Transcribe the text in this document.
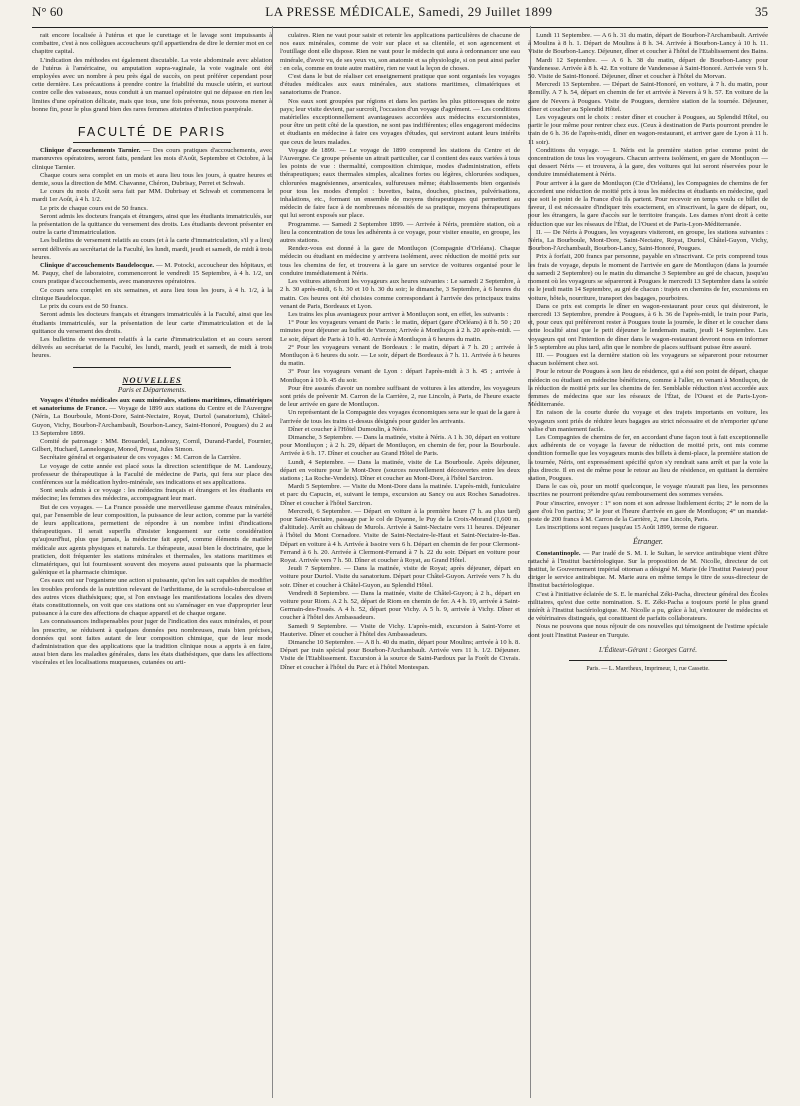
N° 60	LA PRESSE MÉDICALE, Samedi, 29 Juillet 1899	35

rait encore localisée à l'utérus et que le curettage et le lavage sont impuissants à combattre, c'est à nos collègues accoucheurs qu'il appartiendra de dire le dernier mot en ce chapitre capital.

L'indication des méthodes est également discutable. La voie abdominale avec ablation de l'utérus à l'américaine, ou amputation supra-vaginale, la voie vaginale ont été employées avec un nombre à peu près égal de succès, on peut préférer cependant pour cette dernière. Les précautions à prendre contre la friabilité du muscle utérin, et surtout contre celle des vaisseaux, nous conduit à un manuel opératoire qui ne dépasse en rien les limites d'une opération délicate, mais que tous, une fois prévenus, nous pouvons mener à bonne fin, pour le plus grand bien des rares femmes atteintes d'infection puerpérale.

FACULTÉ DE PARIS

Clinique d'accouchements Tarnier. — Des cours pratiques d'accouchements, avec manœuvres opératoires, seront faits, pendant les mois d'Août, Septembre et Octobre, à la clinique Tarnier.

Chaque cours sera complet en un mois et aura lieu tous les jours, à quatre heures et demie, sous la direction de MM. Chavanne, Chéron, Dubrisay, Perret et Schwab.

Le cours du mois d'Août sera fait par MM. Dubrisay et Schwab et commencera le mardi 1er Août, à 4 h. 1/2.

Le prix de chaque cours est de 50 francs.

Seront admis les docteurs français et étrangers, ainsi que les étudiants immatriculés, sur la présentation de la quittance du versement des droits. Les étudiants devront présenter en outre la carte d'immatriculation.

Les bulletins de versement relatifs au cours (et à la carte d'immatriculation, s'il y a lieu) seront délivrés au secrétariat de la Faculté, les lundi, mardi, jeudi et samedi, de midi à trois heures.

Clinique d'accouchements Baudelocque. — M. Potocki, accoucheur des hôpitaux, et M. Paquy, chef de laboratoire, commenceront le vendredi 15 Septembre, à 4 h. 1/2, un cours pratique d'accouchements, avec manœuvres opératoires.

Ce cours sera complet en six semaines, et aura lieu tous les jours, à 4 h. 1/2, à la clinique Baudelocque.

Le prix du cours est de 50 francs.

Seront admis les docteurs français et étrangers immatriculés à la Faculté, ainsi que les étudiants immatriculés, sur la présentation de leur carte d'immatriculation et de la quittance du versement des droits.

Les bulletins de versement relatifs à la carte d'immatriculation et au cours seront délivrés au secrétariat de la Faculté, les lundi, mardi, jeudi et samedi, de midi à trois heures.

NOUVELLES
Paris et Départements.

Voyages d'études médicales aux eaux minérales, stations maritimes, climatériques et sanatoriums de France. — Voyage de 1899 aux stations du Centre et de l'Auvergne (Néris, La Bourboule, Mont-Dore, Saint-Nectaire, Royat, Durtol (sanatorium), Châtel-Guyon, Vichy, Bourbon-l'Archambault, Bourbon-Lancy, Saint-Honoré, Pougues) du 2 au 13 Septembre 1899.

Comité de patronage : MM. Brouardel, Landouzy, Cornil, Durand-Fardel, Fournier, Gilbert, Huchard, Lannelongue, Monod, Proust, Jules Simon.

Secrétaire général et organisateur de ces voyages : M. Carron de la Carrière.

Le voyage de cette année est placé sous la direction scientifique de M. Landouzy, professeur de thérapeutique à la Faculté de médecine de Paris, qui fera sur place des conférences sur la médication hydro-minérale, ses indications et ses applications.

Sont seuls admis à ce voyage : les médecins français et étrangers et les étudiants en médecine; les femmes des médecins, accompagnant leur mari.

But de ces voyages. — La France possède une merveilleuse gamme d'eaux minérales, qui, par l'ensemble de leur composition, la puissance de leur action, comme par la variété de leurs applications, permettent de répondre à un nombre infini d'indications thérapeutiques. Il serait superflu d'insister longuement sur cette considération qu'aujourd'hui, plus que jamais, la médecine fait appel, comme éléments de matière médicale aux agents physiques et naturels. Le thérapeute, aussi bien le doctrinaire, que le praticien, doit fréquenter les stations minérales et thermales, les stations maritimes et climatériques, qui lui fournissent souvent des moyens aussi puissants que la pharmacie galénique et la pharmacie chimique.

Ces eaux ont sur l'organisme une action si puissante, qu'on les sait capables de modifier les troubles profonds de la nutrition relevant de l'arthritisme, de la scrofulo-tuberculose et des autres vices diathésiques; que, si l'on envisage les manifestations locales des divers états constitutionnels, on voit que ces stations ont su s'aménager en vue d'approprier leur puissance à la cure des affections de chaque appareil et de chaque organe.

Les connaissances indispensables pour juger de l'indication des eaux minérales, et pour les prescrire, se réduisent à quelques données peu nombreuses, mais bien précises, données qui sont faites autant de leur composition chimique, que de leur mode d'administration que des applications que la tradition clinique nous a appris à en faire, aussi bien dans les maladies générales, dans les états diathésiques, que dans les affections viscérales et les localisations muqueuses, cutanées ou arti-

culaires. Rien ne vaut pour saisir et retenir les applications particulières de chacune de nos eaux minérales, comme de voir sur place et sa clientèle, et son agencement et l'outillage dont elle dispose. Rien ne vaut pour le médecin qui aura à ordonnancer une eau minérale, d'avoir vu, de ses yeux vu, son anatomie et sa physiologie, si on peut ainsi parler : en cela, comme en toute autre matière, rien ne vaut la leçon de choses.

C'est dans le but de réaliser cet enseignement pratique que sont organisés les voyages d'études médicales aux eaux minérales, aux stations maritimes, climatériques et sanatoriums de France.

Nos eaux sont groupées par régions et dans les parties les plus pittoresques de notre pays; leur visite devient, par surcroît, l'occasion d'un voyage d'agrément. — Les conditions matérielles exceptionnellement avantageuses accordées aux médecins excursionnistes, pour être un petit côté de la question, ne sont pas indifférentes; elles engageront médecins et étudiants en médecine à faire ces voyages d'études, qui serviront autant leurs intérêts que ceux de leurs malades.

Voyage de 1899. — Le voyage de 1899 comprend les stations du Centre et de l'Auvergne. Ce groupe présente un attrait particulier, car il contient des eaux variées à tous les points de vue : thermalité, composition chimique, modes d'administration, effets thérapeutiques; eaux thermales simples, alcalines fortes ou légères, chlorurées sodiques, chlorurées magnésiennes, arsenicales, sulfureuses même; établissements bien organisés pour tous les modes d'emploi : buvettes, bains, douches, piscines, pulvérisations, inhalations, etc., formant un ensemble de moyens thérapeutiques qui permettent au médecin de faire face à de nombreuses nécessités de sa pratique, moyens thérapeutiques qui lui seront exposés sur place.

Programme. — Samedi 2 Septembre 1899. — Arrivée à Néris, première station, où a lieu la concentration de tous les adhérents à ce voyage, pour visiter ensuite, en groupe, les autres stations.

Rendez-vous est donné à la gare de Montluçon (Compagnie d'Orléans). Chaque médecin ou étudiant en médecine y arrivera isolément, avec réduction de moitié prix sur tous les chemins de fer, et trouvera à la gare un service de voitures organisé pour le conduire immédiatement à Néris.

Les voitures attendront les voyageurs aux heures suivantes : Le samedi 2 Septembre, à 2 h. 30 après-midi, 6 h. 30 et 10 h. 30 du soir; le dimanche, 3 Septembre, à 6 heures du matin. Ces heures ont été choisies comme correspondant à l'arrivée des principaux trains venant de Paris, Bordeaux et Lyon.

Les trains les plus avantageux pour arriver à Montluçon sont, en effet, les suivants :

1° Pour les voyageurs venant de Paris : le matin, départ (gare d'Orléans) à 8 h. 50 ; 20 minutes pour déjeuner au buffet de Vierzon; Arrivée à Montluçon à 2 h. 20 après-midi. — Le soir, départ de Paris à 10 h. 40. Arrivée à Montluçon à 6 heures du matin.

2° Pour les voyageurs venant de Bordeaux : le matin, départ à 7 h. 20 ; arrivée à Montluçon à 6 heures du soir. — Le soir, départ de Bordeaux à 7 h. 11. Arrivée à 6 heures du matin.

3° Pour les voyageurs venant de Lyon : départ l'après-midi à 3 h. 45 ; arrivée à Montluçon à 10 h. 45 du soir.

Pour être assurés d'avoir un nombre suffisant de voitures à les attendre, les voyageurs sont priés de prévenir M. Carron de la Carrière, 2, rue Lincoln, à Paris, de l'heure exacte de leur arrivée en gare de Montluçon.

Un représentant de la Compagnie des voyages économiques sera sur le quai de la gare à l'arrivée de tous les trains ci-dessus désignés pour guider les arrivants.

Dîner et coucher à l'Hôtel Dumoulin, à Néris.

Dimanche, 3 Septembre. — Dans la matinée, visite à Néris. A 1 h. 30, départ en voiture pour Montluçon ; à 2 h. 29, départ de Montluçon, en chemin de fer, pour la Bourboule. Arrivée à 6 h. 17. Dîner et coucher au Grand Hôtel de Paris.

Lundi, 4 Septembre. — Dans la matinée, visite de La Bourboule. Après déjeuner, départ en voiture pour le Mont-Dore (sources nouvellement découvertes entre les deux stations ; La Roche-Vendeix). Dîner et coucher au Mont-Dore, à l'hôtel Sarciron.

Mardi 5 Septembre. — Visite du Mont-Dore dans la matinée. L'après-midi, funiculaire et parc du Capucin, et, suivant le temps, excursion au Sancy ou aux Roches Sanadoires. Dîner et coucher à l'hôtel Sarciron.

Mercredi, 6 Septembre. — Départ en voiture à la première heure (7 h. au plus tard) pour Saint-Nectaire, passage par le col de Dyanne, le Puy de la Croix-Morand (1,600 m. d'altitude). Arrêt au château de Murols. Arrivée à Saint-Nectaire vers 11 heures. Déjeuner à l'hôtel du Mont Cornadore. Visite de Saint-Nectaire-le-Haut et Saint-Nectaire-le-Bas. Départ en voiture à 4 h. Arrivée à Issoire vers 6 h. Départ en chemin de fer pour Clermont-Ferrand à 6 h. 20. Arrivée à Clermont-Ferrand à 7 h. 22 du soir. Départ en voiture pour Royat. Arrivée vers 7 h. 50. Dîner et coucher à Royat, au Grand Hôtel.

Jeudi 7 Septembre. — Dans la matinée, visite de Royat; après déjeuner, départ en voiture pour Durtol. Visite du sanatorium. Départ pour Châtel-Guyon. Arrivée vers 7 h. du soir. Dîner et coucher à Châtel-Guyon, au Splendid Hôtel.

Vendredi 8 Septembre. — Dans la matinée, visite de Châtel-Guyon; à 2 h., départ en voiture pour Riom. A 2 h. 52, départ de Riom en chemin de fer. A 4 h. 19, arrivée à Saint-Germain-des-Fossés. A 4 h. 52, départ pour Vichy. A 5 h. 9, arrivée à Vichy. Dîner et coucher à l'hôtel des Ambassadeurs.

Samedi 9 Septembre. — Visite de Vichy. L'après-midi, excursion à Saint-Yorre et Hauterive. Dîner et coucher à l'hôtel des Ambassadeurs.

Dimanche 10 Septembre. — A 8 h. 40 du matin, départ pour Moulins; arrivée à 10 h. 8. Départ par train spécial pour Bourbon-l'Archambault. Arrivée vers 11 h. 1/2. Déjeuner. Visite de l'Etablissement. Excursion à la source de Saint-Pardoux par la Forêt de Civrais. Dîner et coucher à l'hôtel du Parc et à l'hôtel Montespan.

Lundi 11 Septembre. — A 6 h. 31 du matin, départ de Bourbon-l'Archambault. Arrivée à Moulins à 8 h. 1. Départ de Moulins à 8 h. 34. Arrivée à Bourbon-Lancy à 10 h. 11. Visite de Bourbon-Lancy. Déjeuner, dîner et coucher à l'hôtel de l'Etablissement des Bains.

Mardi 12 Septembre. — A 6 h. 38 du matin, départ de Bourbon-Lancy pour Vandenesse. Arrivée à 8 h. 42. En voiture de Vandenesse à Saint-Honoré. Arrivée vers 9 h. 50. Visite de Saint-Honoré. Déjeuner, dîner et coucher à l'hôtel du Morvan.

Mercredi 13 Septembre. — Départ de Saint-Honoré, en voiture, à 7 h. du matin, pour Remilly. A 7 h. 54, départ en chemin de fer et arrivée à Nevers à 9 h. 57. En voiture de la gare de Nevers à Pougues. Visite de Pougues, dernière station de la tournée. Déjeuner, dîner et coucher au Splendid Hôtel.

Les voyageurs ont le choix : rester dîner et coucher à Pougues, au Splendid Hôtel, ou partir le jour même pour rentrer chez eux. (Ceux à destination de Paris pourront prendre le train de 6 h. 36 de l'après-midi, dîner en wagon-restaurant, et arriver gare de Lyon à 11 h. 11 soir).

Conditions du voyage. — I. Néris est la première station prise comme point de concentration de tous les voyageurs. Chacun arrivera isolément, en gare de Montluçon — qui dessert Néris — et trouvera, à la gare, des voitures qui lui seront réservées pour le conduire immédiatement à Néris.

Pour arriver à la gare de Montluçon (Cie d'Orléans), les Compagnies de chemins de fer accordent une réduction de moitié prix à tous les médecins et étudiants en médecine, quel que soit le point de la France d'où ils partent. Pour recevoir en temps voulu ce billet de faveur, il est nécessaire d'indiquer très exactement, en s'inscrivant, la gare de départ, ou, pour les étrangers, la gare d'accès sur le territoire français. Les dames n'ont droit à cette réduction que sur les réseaux de l'État, de l'Ouest et de Paris-Lyon-Méditerranée.

II. — De Néris à Pougues, les voyageurs visiteront, en groupe, les stations suivantes : Néris, La Bourboule, Mont-Dore, Saint-Nectaire, Royat, Durtol, Châtel-Guyon, Vichy, Bourbon-l'Archambault, Bourbon-Lancy, Saint-Honoré, Pougues.

Prix à forfait, 200 francs par personne, payable en s'inscrivant. Ce prix comprend tous les frais de voyage, depuis le moment de l'arrivée en gare de Montluçon (dans la journée du samedi 2 Septembre) ou le matin du dimanche 3 Septembre au gré de chacun, jusqu'au moment où les voyageurs se sépareront à Pougues le mercredi 13 Septembre dans la soirée ou le jeudi matin 14 Septembre, au gré de chacun : trajets en chemins de fer, excursions en voiture, hôtels, nourriture, transport des bagages, pourboires.

Dans ce prix est compris le dîner en wagon-restaurant pour ceux qui désireront, le mercredi 13 Septembre, prendre à Pougues, à 6 h. 36 de l'après-midi, le train pour Paris, et, pour ceux qui préféreront rester à Pougues toute la journée, le dîner et le coucher dans cette localité ainsi que le petit déjeuner le lendemain matin, jeudi 14 Septembre. Les voyageurs qui ont l'intention de dîner dans le wagon-restaurant devront nous en informer le 5 septembre au plus tard, afin que le nombre de places suffisant puisse être assuré.

III. — Pougues est la dernière station où les voyageurs se sépareront pour retourner chacun isolément chez soi.

Pour le retour de Pougues à son lieu de résidence, qui a été son point de départ, chaque médecin ou étudiant en médecine bénéficiera, comme à l'aller, en venant à Montluçon, de la réduction de moitié prix sur les chemins de fer. Semblable réduction n'est accordée aux femmes de médecins que sur les réseaux de l'État, de l'Ouest et de Paris-Lyon-Méditerranée.

En raison de la courte durée du voyage et des trajets importants en voiture, les voyageurs sont priés de réduire leurs bagages au strict nécessaire et de n'emporter qu'une valise d'un maniement facile.

Les Compagnies de chemins de fer, en accordant d'une façon tout à fait exceptionnelle aux adhérents de ce voyage la faveur de réduction de moitié prix, ont mis comme condition formelle que les voyageurs munis des billets à demi-place, la première station de la tournée, Néris, ont expressément spécifié qu'on s'y rendrait sans arrêt et par la voie la plus directe. Il en est de même pour le retour au lieu de résidence, en quittant la dernière station, Pougues.

Dans le cas où, pour un motif quelconque, le voyage n'aurait pas lieu, les personnes inscrites ne pourront prétendre qu'au remboursement des sommes versées.

Pour s'inscrire, envoyer : 1° son nom et son adresse lisiblement écrits; 2° le nom de la gare d'où l'on partira; 3° le jour et l'heure d'arrivée en gare de Montluçon; 4° un mandat-poste de 200 francs à M. Carron de la Carrière, 2, rue Lincoln, Paris.

Les inscriptions sont reçues jusqu'au 15 Août 1899, terme de rigueur.

Étranger.

Constantinople. — Par iradé de S. M. I. le Sultan, le service antirabique vient d'être rattaché à l'Institut bactériologique. Sur la proposition de M. Nicolle, directeur de cet Institut, le Gouvernement impérial ottoman a désigné M. Marie (de l'Institut Pasteur) pour diriger le service antirabique. M. Marie aura en même temps le titre de sous-directeur de l'Institut bactériologique.

C'est à l'initiative éclairée de S. E. le maréchal Zéki-Pacha, directeur général des Écoles militaires, qu'est due cette nomination. S. E. Zéki-Pacha a toujours porté le plus grand intérêt à l'Institut bactériologique. M. Nicolle a pu, grâce à lui, s'entourer de médecins et de vétérinaires distingués, qui constituent de parfaits collaborateurs.

Nous ne pouvons que nous réjouir de ces nouvelles qui témoignent de l'estime spéciale dont jouit l'Institut Pasteur en Turquie.

L'Éditeur-Gérant : Georges Carré.
Paris. — L. Maretheux, Imprimeur, 1, rue Cassette.
